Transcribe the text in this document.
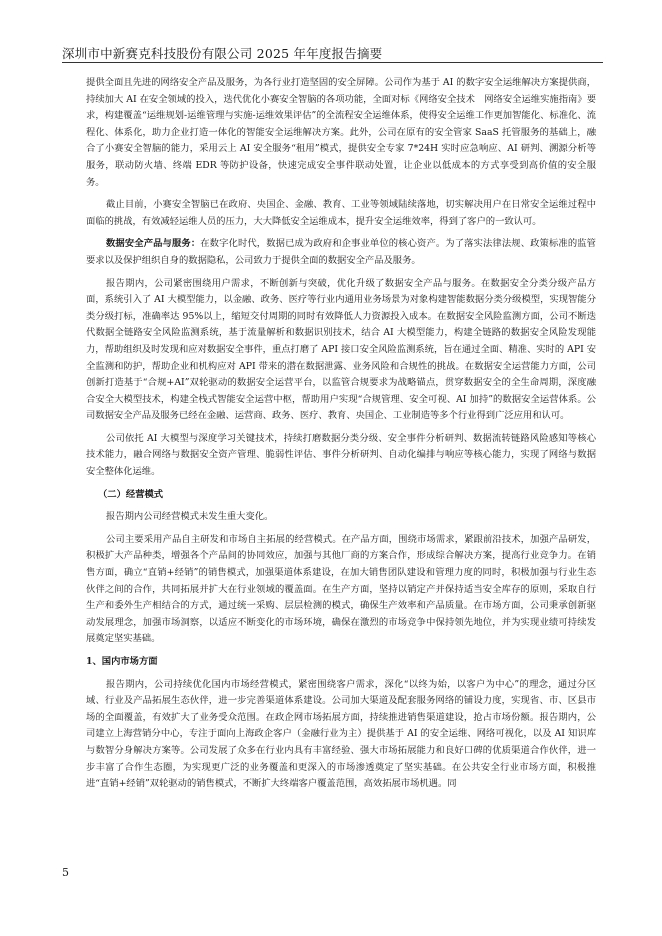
深圳市中新赛克科技股份有限公司 2025 年年度报告摘要

提供全面且先进的网络安全产品及服务，为各行业打造坚固的安全屏障。公司作为基于 AI 的数字安全运维解决方案提供商，持续加大 AI 在安全领域的投入，迭代优化小赛安全智脑的各项功能，全面对标《网络安全技术　网络安全运维实施指南》要求，构建覆盖“运维规划-运维管理与实施-运维效果评估”的全流程安全运维体系，使得安全运维工作更加智能化、标准化、流程化、体系化，助力企业打造一体化的智能安全运维解决方案。此外，公司在原有的安全管家 SaaS 托管服务的基础上，融合了小赛安全智脑的能力，采用云上 AI 安全服务“租用”模式，提供安全专家 7*24H 实时应急响应、AI 研判、溯源分析等服务，联动防火墙、终端 EDR 等防护设备，快速完成安全事件联动处置，让企业以低成本的方式享受到高价值的安全服务。

截止目前，小赛安全智脑已在政府、央国企、金融、教育、工业等领域陆续落地，切实解决用户在日常安全运维过程中面临的挑战，有效减轻运维人员的压力，大大降低安全运维成本，提升安全运维效率，得到了客户的一致认可。

数据安全产品与服务：在数字化时代，数据已成为政府和企事业单位的核心资产。为了落实法律法规、政策标准的监管要求以及保护组织自身的数据隐私，公司致力于提供全面的数据安全产品及服务。

报告期内，公司紧密围绕用户需求，不断创新与突破，优化升级了数据安全产品与服务。在数据安全分类分级产品方面，系统引入了 AI 大模型能力，以金融、政务、医疗等行业内通用业务场景为对象构建智能数据分类分级模型，实现智能分类分级打标，准确率达 95%以上，缩短交付周期的同时有效降低人力资源投入成本。在数据安全风险监测方面，公司不断迭代数据全链路安全风险监测系统，基于流量解析和数据识别技术，结合 AI 大模型能力，构建全链路的数据安全风险发现能力，帮助组织及时发现和应对数据安全事件，重点打磨了 API 接口安全风险监测系统，旨在通过全面、精准、实时的 API 安全监测和防护，帮助企业和机构应对 API 带来的潜在数据泄露、业务风险和合规性的挑战。在数据安全运营能力方面，公司创新打造基于“合规+AI”双轮驱动的数据安全运营平台，以监管合规要求为战略锚点，贯穿数据安全的全生命周期，深度融合安全大模型技术，构建全栈式智能安全运营中枢，帮助用户实现“合规管理、安全可视、AI 加持”的数据安全运营体系。公司数据安全产品及服务已经在金融、运营商、政务、医疗、教育、央国企、工业制造等多个行业得到广泛应用和认可。

公司依托 AI 大模型与深度学习关键技术，持续打磨数据分类分级、安全事件分析研判、数据流转链路风险感知等核心技术能力，融合网络与数据安全资产管理、脆弱性评估、事件分析研判、自动化编排与响应等核心能力，实现了网络与数据安全整体化运维。

（二）经营模式

报告期内公司经营模式未发生重大变化。

公司主要采用产品自主研发和市场自主拓展的经营模式。在产品方面，围绕市场需求，紧跟前沿技术，加强产品研发，积极扩大产品种类，增强各个产品间的协同效应，加强与其他厂商的方案合作，形成综合解决方案，提高行业竞争力。在销售方面，确立“直销+经销”的销售模式，加强渠道体系建设，在加大销售团队建设和管理力度的同时，积极加强与行业生态伙伴之间的合作，共同拓展并扩大在行业领域的覆盖面。在生产方面，坚持以销定产并保持适当安全库存的原则，采取自行生产和委外生产相结合的方式，通过统一采购、层层检测的模式，确保生产效率和产品质量。在市场方面，公司秉承创新驱动发展理念，加强市场洞察，以适应不断变化的市场环境，确保在激烈的市场竞争中保持领先地位，并为实现业绩可持续发展奠定坚实基础。

1、国内市场方面

报告期内，公司持续优化国内市场经营模式，紧密围绕客户需求，深化“以终为始，以客户为中心”的理念，通过分区域、行业及产品拓展生态伙伴，进一步完善渠道体系建设。公司加大渠道及配套服务网络的铺设力度，实现省、市、区县市场的全面覆盖，有效扩大了业务受众范围。在政企网市场拓展方面，持续推进销售渠道建设，抢占市场份额。报告期内，公司建立上海营销分中心，专注于面向上海政企客户（金融行业为主）提供基于 AI 的安全运维、网络可视化，以及 AI 知识库与数智分身解决方案等。公司发展了众多在行业内具有丰富经验、强大市场拓展能力和良好口碑的优质渠道合作伙伴，进一步丰富了合作生态圈，为实现更广泛的业务覆盖和更深入的市场渗透奠定了坚实基础。在公共安全行业市场方面，积极推进“直销+经销”双轮驱动的销售模式，不断扩大终端客户覆盖范围，高效拓展市场机遇。同

5
